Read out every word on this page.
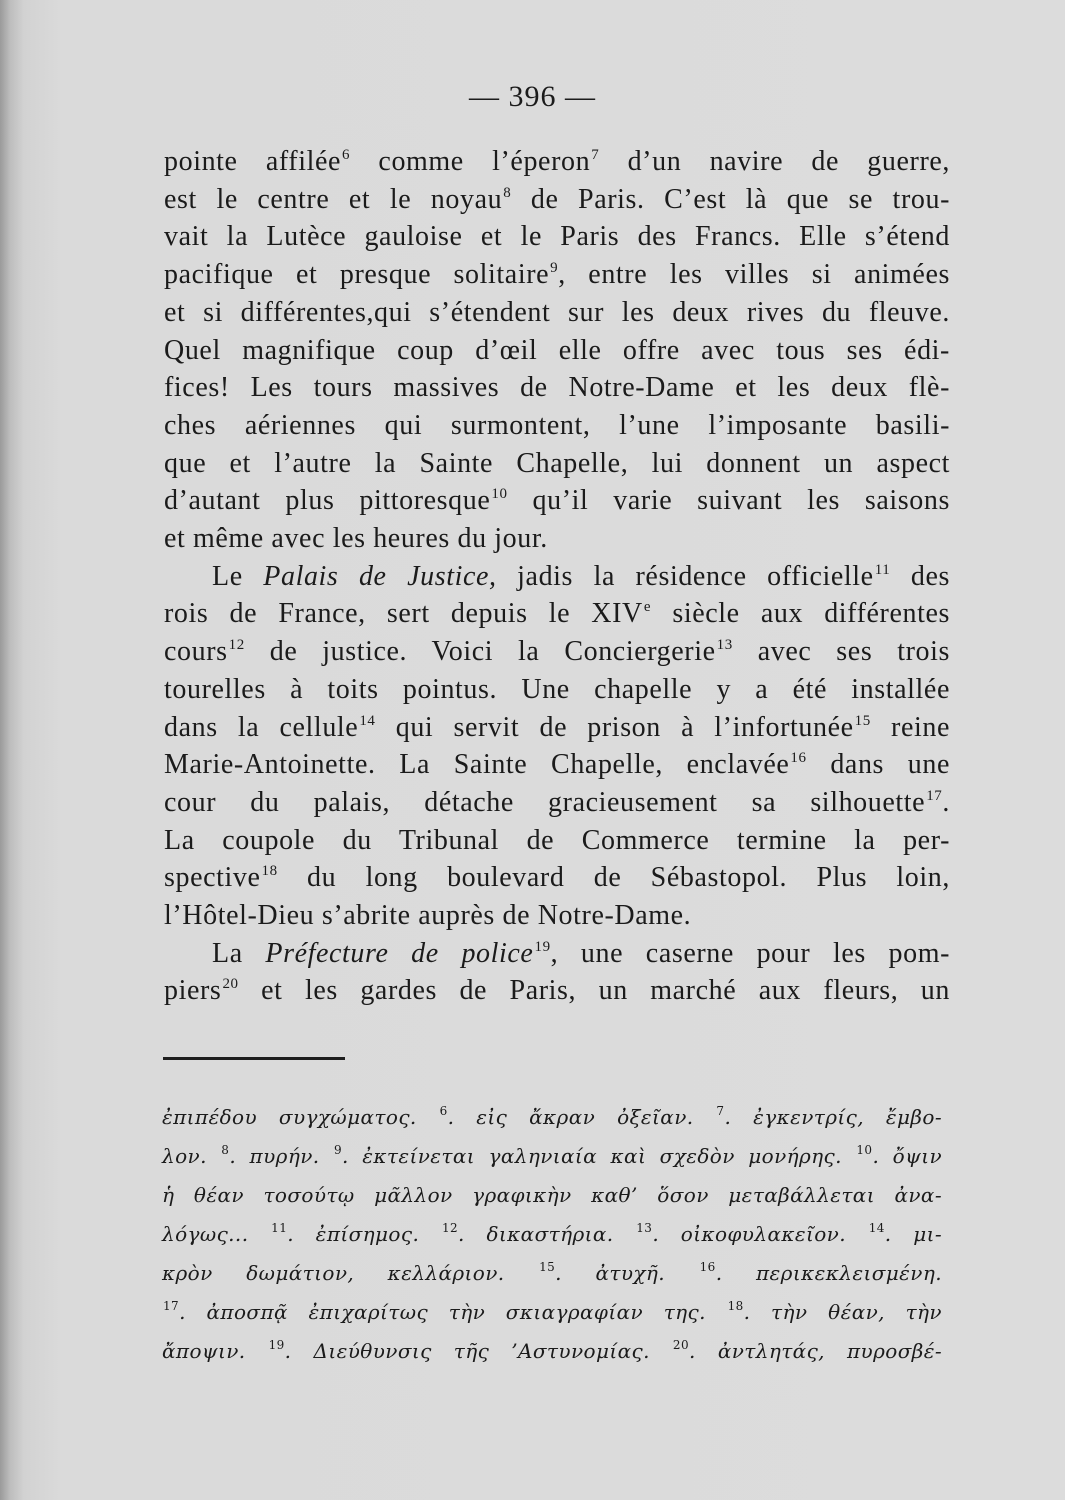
— 396 —

pointe affilée$^6$ comme l’éperon$^7$ d’un navire de guerre,
est le centre et le noyau$^8$ de Paris. C’est là que se trou-
vait la Lutèce gauloise et le Paris des Francs. Elle s’étend
pacifique et presque solitaire$^9$, entre les villes si animées
et si différentes,qui s’étendent sur les deux rives du fleuve.
Quel magnifique coup d’œil elle offre avec tous ses édi-
fices! Les tours massives de Notre-Dame et les deux flè-
ches aériennes qui surmontent, l’une l’imposante basili-
que et l’autre la Sainte Chapelle, lui donnent un aspect
d’autant plus pittoresque$^{10}$ qu’il varie suivant les saisons
et même avec les heures du jour.

Le Palais de Justice, jadis la résidence officielle$^{11}$ des
rois de France, sert depuis le XIVe siècle aux différentes
cours$^{12}$ de justice. Voici la Conciergerie$^{13}$ avec ses trois
tourelles à toits pointus. Une chapelle y a été installée
dans la cellule$^{14}$ qui servit de prison à l’infortunée$^{15}$ reine
Marie-Antoinette. La Sainte Chapelle, enclavée$^{16}$ dans une
cour du palais, détache gracieusement sa silhouette$^{17}$.
La coupole du Tribunal de Commerce termine la per-
spective$^{18}$ du long boulevard de Sébastopol. Plus loin,
l’Hôtel-Dieu s’abrite auprès de Notre-Dame.

La Préfecture de police$^{19}$, une caserne pour les pom-
piers$^{20}$ et les gardes de Paris, un marché aux fleurs, un

ἐπιπέδου συγχώματος. $^6$. εἰς ἄκραν ὀξεῖαν. $^7$. ἐγκεντρίς, ἔμβο-
λον. $^8$. πυρήν. $^9$. ἐκτείνεται γαληνιαία καὶ σχεδὸν μονήρης. $^{10}$. ὄψιν
ἡ θέαν τοσούτῳ μᾶλλον γραφικὴν καθ’ ὅσον μεταβάλλεται ἀνα-
λόγως... $^{11}$. ἐπίσημος. $^{12}$. δικαστήρια. $^{13}$. οἰκοφυλακεῖον. $^{14}$. μι-
κρὸν δωμάτιον, κελλάριον. $^{15}$. ἀτυχῆ. $^{16}$. περικεκλεισμένη.
$^{17}$. ἀποσπᾷ ἐπιχαρίτως τὴν σκιαγραφίαν της. $^{18}$. τὴν θέαν, τὴν
ἄποψιν. $^{19}$. Διεύθυνσις τῆς ’Αστυνομίας. $^{20}$. ἀντλητάς, πυροσβέ-
